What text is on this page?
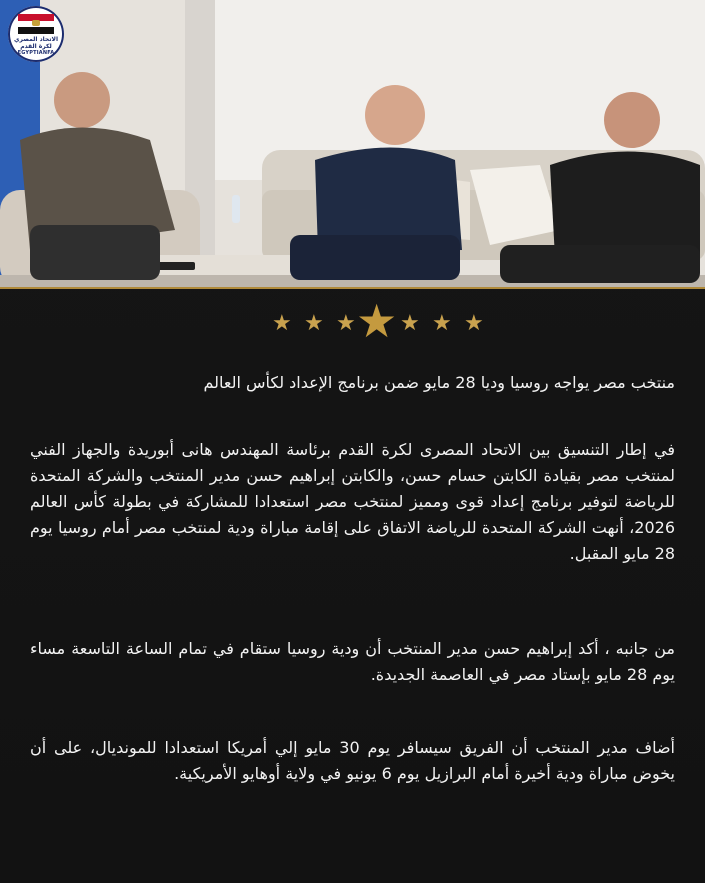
الاتحاد المصري لكرة القدم
EGYPTIANFA
★ ★ ★ ★ ★ ★ ★
منتخب مصر يواجه روسيا وديا 28 مايو ضمن برنامج الإعداد لكأس العالم
في إطار التنسيق بين الاتحاد المصرى لكرة القدم برئاسة المهندس هانى أبوريدة والجهاز الفني لمنتخب مصر بقيادة الكابتن حسام حسن، والكابتن إبراهيم حسن مدير المنتخب والشركة المتحدة للرياضة لتوفير برنامج إعداد قوى ومميز لمنتخب مصر استعدادا للمشاركة في بطولة كأس العالم 2026، أنهت الشركة المتحدة للرياضة الاتفاق على إقامة مباراة ودية لمنتخب مصر أمام روسيا يوم 28 مايو المقبل.
من جانبه ، أكد إبراهيم حسن مدير المنتخب أن ودية روسيا ستقام في تمام الساعة التاسعة مساء يوم 28 مايو بإستاد مصر في العاصمة الجديدة.
أضاف مدير المنتخب أن الفريق سيسافر يوم 30 مايو إلي أمريكا استعدادا للمونديال، على أن يخوض مباراة ودية أخيرة أمام البرازيل يوم 6 يونيو في ولاية أوهايو الأمريكية.
